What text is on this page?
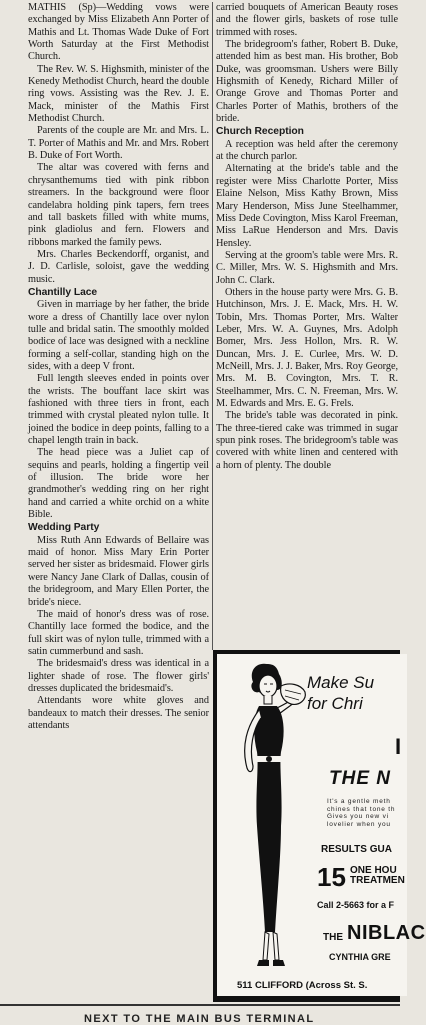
MATHIS (Sp)—Wedding vows were exchanged by Miss Elizabeth Ann Porter of Mathis and Lt. Thomas Wade Duke of Fort Worth Saturday at the First Methodist Church.

The Rev. W. S. Highsmith, minister of the Kenedy Methodist Church, heard the double ring vows. Assisting was the Rev. J. E. Mack, minister of the Mathis First Methodist Church.

Parents of the couple are Mr. and Mrs. L. T. Porter of Mathis and Mr. and Mrs. Robert B. Duke of Fort Worth.

The altar was covered with ferns and chrysanthemums tied with pink ribbon streamers. In the background were floor candelabra holding pink tapers, fern trees and tall baskets filled with white mums, pink gladiolus and fern. Flowers and ribbons marked the family pews.

Mrs. Charles Beckendorff, organist, and J. D. Carlisle, soloist, gave the wedding music.

Chantilly Lace

Given in marriage by her father, the bride wore a dress of Chantilly lace over nylon tulle and bridal satin. The smoothly molded bodice of lace was designed with a neckline forming a self-collar, standing high on the sides, with a deep V front.

Full length sleeves ended in points over the wrists. The bouffant lace skirt was fashioned with three tiers in front, each trimmed with crystal pleated nylon tulle. It joined the bodice in deep points, falling to a chapel length train in back.

The head piece was a Juliet cap of sequins and pearls, holding a fingertip veil of illusion. The bride wore her grandmother's wedding ring on her right hand and carried a white orchid on a white Bible.

Wedding Party

Miss Ruth Ann Edwards of Bellaire was maid of honor. Miss Mary Erin Porter served her sister as bridesmaid. Flower girls were Nancy Jane Clark of Dallas, cousin of the bridegroom, and Mary Ellen Porter, the bride's niece.

The maid of honor's dress was of rose. Chantilly lace formed the bodice, and the full skirt was of nylon tulle, trimmed with a satin cummerbund and sash.

The bridesmaid's dress was identical in a lighter shade of rose. The flower girls' dresses duplicated the bridesmaid's.

Attendants wore white gloves and bandeaux to match their dresses. The senior attendants

carried bouquets of American Beauty roses and the flower girls, baskets of rose tulle trimmed with roses.

The bridegroom's father, Robert B. Duke, attended him as best man. His brother, Bob Duke, was groomsman. Ushers were Billy Highsmith of Kenedy, Richard Miller of Orange Grove and Thomas Porter and Charles Porter of Mathis, brothers of the bride.

Church Reception

A reception was held after the ceremony at the church parlor.

Alternating at the bride's table and the register were Miss Charlotte Porter, Miss Elaine Nelson, Miss Kathy Brown, Miss Mary Henderson, Miss June Steelhammer, Miss Dede Covington, Miss Karol Freeman, Miss LaRue Henderson and Mrs. Davis Hensley.

Serving at the groom's table were Mrs. R. C. Miller, Mrs. W. S. Highsmith and Mrs. John C. Clark.

Others in the house party were Mrs. G. B. Hutchinson, Mrs. J. E. Mack, Mrs. H. W. Tobin, Mrs. Thomas Porter, Mrs. Walter Leber, Mrs. W. A. Guynes, Mrs. Adolph Bomer, Mrs. Jess Hollon, Mrs. R. W. Duncan, Mrs. J. E. Curlee, Mrs. W. D. McNeill, Mrs. J. J. Baker, Mrs. Roy George, Mrs. M. B. Covington, Mrs. T. R. Steelhammer, Mrs. C. N. Freeman, Mrs. W. M. Edwards and Mrs. E. G. Frels.

The bride's table was decorated in pink. The three-tiered cake was trimmed in sugar spun pink roses. The bridegroom's table was covered with white linen and centered with a horn of plenty. The double

Make Su
for Chri
I
THE N
It's a gentle meth
chines that tone th
Gives you new vi
lovelier when you
RESULTS GUA
15 ONE HOU
TREATMEN
Call 2-5663 for a F
THE NIBLAC
CYNTHIA GRE
511 CLIFFORD (Across St. S.
NEXT TO THE MAIN BUS TERMINAL
